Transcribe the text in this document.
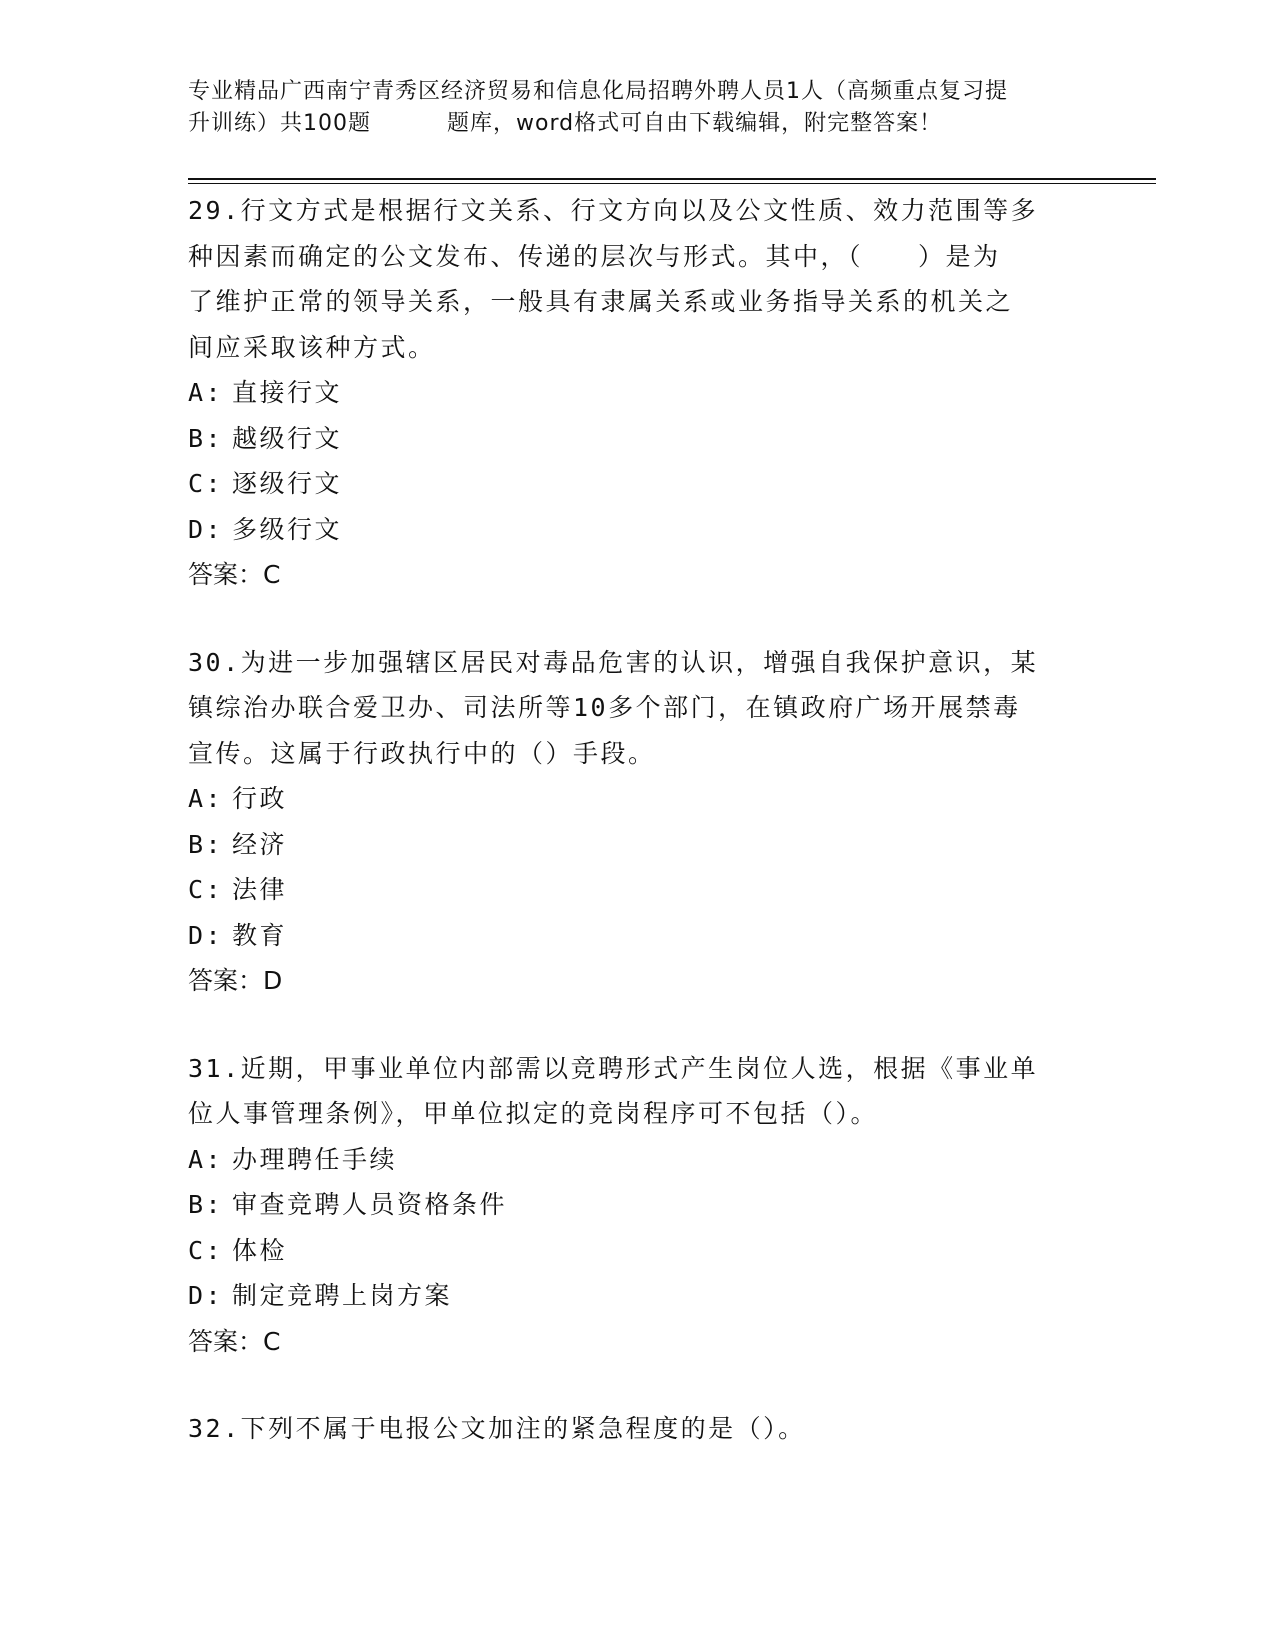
专业精品广西南宁青秀区经济贸易和信息化局招聘外聘人员1人（高频重点复习提
升训练）共100题	题库，word格式可自由下载编辑，附完整答案！

29.行文方式是根据行文关系、行文方向以及公文性质、效力范围等多

种因素而确定的公文发布、传递的层次与形式。其中，（　　）是为

了维护正常的领导关系，一般具有隶属关系或业务指导关系的机关之

间应采取该种方式。

A: 直接行文

B: 越级行文

C: 逐级行文

D: 多级行文

答案：C

30.为进一步加强辖区居民对毒品危害的认识，增强自我保护意识，某

镇综治办联合爱卫办、司法所等10多个部门，在镇政府广场开展禁毒

宣传。这属于行政执行中的（）手段。

A: 行政

B: 经济

C: 法律

D: 教育

答案：D

31.近期，甲事业单位内部需以竞聘形式产生岗位人选，根据《事业单

位人事管理条例》，甲单位拟定的竞岗程序可不包括（）。

A: 办理聘任手续

B: 审查竞聘人员资格条件

C: 体检

D: 制定竞聘上岗方案

答案：C

32.下列不属于电报公文加注的紧急程度的是（）。
